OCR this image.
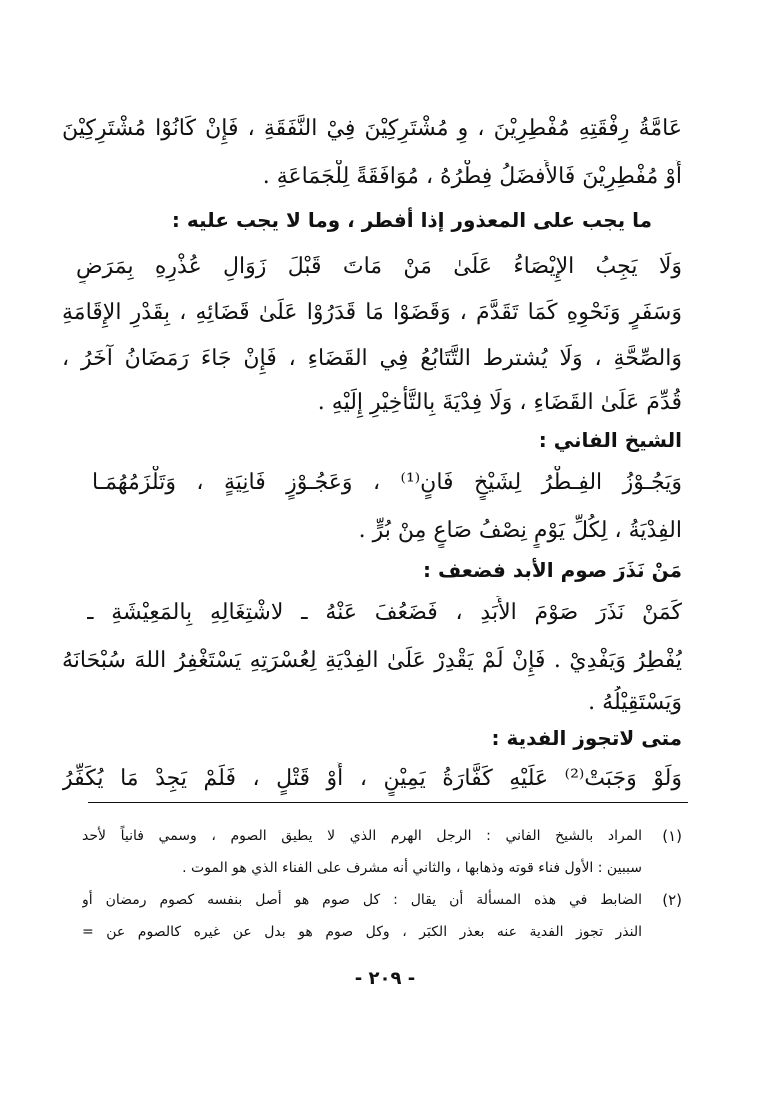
عَامَّةُ رِفْقَتِهِ مُفْطِرِيْنَ ، وِ مُشْتَرِكِيْنَ فِيْ النَّفَقَةِ ، فَإِنْ كَانُوْا مُشْتَرِكِيْنَ
أَوْ مُفْطِرِيْنَ فَالأَفضَلُ فِطْرُهُ ، مُوَافَقَةً لِلْجَمَاعَةِ .
ما يجب على المعذور إذا أفطر ، وما لا يجب عليه :
وَلَا يَجِبُ الإِيْصَاءُ عَلَىٰ مَنْ مَاتَ قَبْلَ زَوَالِ عُذْرِهِ بِمَرَضٍ
وَسَفَرٍ وَنَحْوِهِ كَمَا تَقَدَّمَ ، وَقَضَوْا مَا قَدَرُوْا عَلَىٰ قَضَائِهِ ، بِقَدْرِ الإِقَامَةِ
وَالصِّحَّةِ ، وَلَا يُشترط التَّتَابُعُ فِي القَضَاءِ ، فَإِنْ جَاءَ رَمَضَانُ آخَرُ ،
قُدِّمَ عَلَىٰ القَضَاءِ ، وَلَا فِدْيَةَ بِالتَّأْخِيْرِ إِلَيْهِ .
الشيخ الفاني :
وَيَجُـوْزُ الفِـطْرُ لِشَيْخٍ فَانٍ⁽¹⁾ ، وَعَجُـوْزٍ فَانِيَةٍ ، وَتَلْزَمُهُمَـا
الفِدْيَةُ ، لِكُلِّ يَوْمٍ نِصْفُ صَاعٍ مِنْ بُرٍّ .
مَنْ نَذَرَ صوم الأبد فضعف :
كَمَنْ نَذَرَ صَوْمَ الأَبَدِ ، فَضَعُفَ عَنْهُ ـ لاشْتِغَالِهِ بِالمَعِيْشَةِ ـ
يُفْطِرُ وَيَفْدِيْ . فَإِنْ لَمْ يَقْدِرْ عَلَىٰ الفِدْيَةِ لِعُسْرَتِهِ يَسْتَغْفِرُ اللهَ سُبْحَانَهُ
وَيَسْتَقِيْلُهُ .
متى لاتجوز الفدية :
وَلَوْ وَجَبَتْ⁽²⁾ عَلَيْهِ كَفَّارَةُ يَمِيْنٍ ، أَوْ قَتْلٍ ، فَلَمْ يَجِدْ مَا يُكَفِّرُ
(١)
المراد بالشيخ الفاني : الرجل الهرم الذي لا يطيق الصوم ، وسمي فانياً لأحد
سببين : الأول فناء قوته وذهابها ، والثاني أنه مشرف على الفناء الذي هو الموت .
(٢)
الضابط في هذه المسألة أن يقال : كل صوم هو أصل بنفسه كصوم رمضان أو
النذر تجوز الفدية عنه بعذر الكبَر ، وكل صوم هو بدل عن غيره كالصوم عن =
- ٢٠٩ -
